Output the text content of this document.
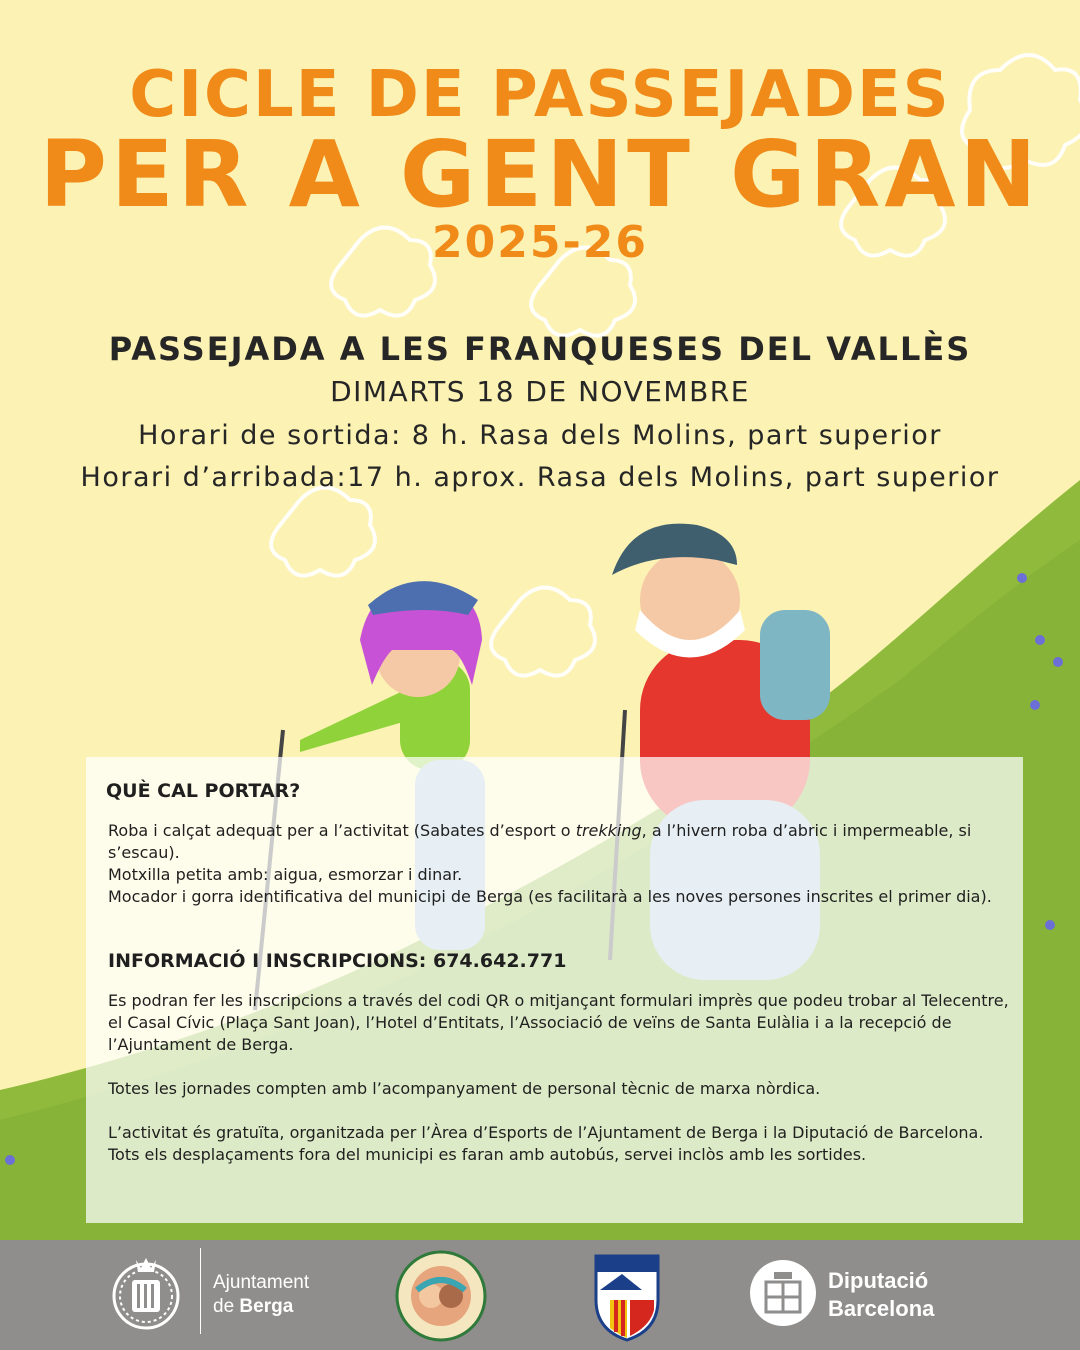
CICLE DE PASSEJADES
PER A GENT GRAN
2025-26
PASSEJADA A LES FRANQUESES DEL VALLÈS
DIMARTS 18 DE NOVEMBRE
Horari de sortida: 8 h. Rasa dels Molins, part superior
Horari d’arribada:17 h. aprox. Rasa dels Molins, part superior
QUÈ CAL PORTAR?
Roba i calçat adequat per a l’activitat (Sabates d’esport o trekking, a l’hivern roba d’abric i impermeable, si s’escau).
Motxilla petita amb: aigua, esmorzar i dinar.
Mocador i gorra identificativa del municipi de Berga (es facilitarà a les noves persones inscrites el primer dia).
INFORMACIÓ I INSCRIPCIONS: 674.642.771
Es podran fer les inscripcions a través del codi QR o mitjançant formulari imprès que podeu trobar al Telecentre, el Casal Cívic (Plaça Sant Joan), l’Hotel d’Entitats, l’Associació de veïns de Santa Eulàlia i a la recepció de l’Ajuntament de Berga.
Totes les jornades compten amb l’acompanyament de personal tècnic de marxa nòrdica.
L’activitat és gratuïta, organitzada per l’Àrea d’Esports de l’Ajuntament de Berga i la Diputació de Barcelona. Tots els desplaçaments fora del municipi es faran amb autobús, servei inclòs amb les sortides.
Ajuntament
de Berga
Diputació
Barcelona
